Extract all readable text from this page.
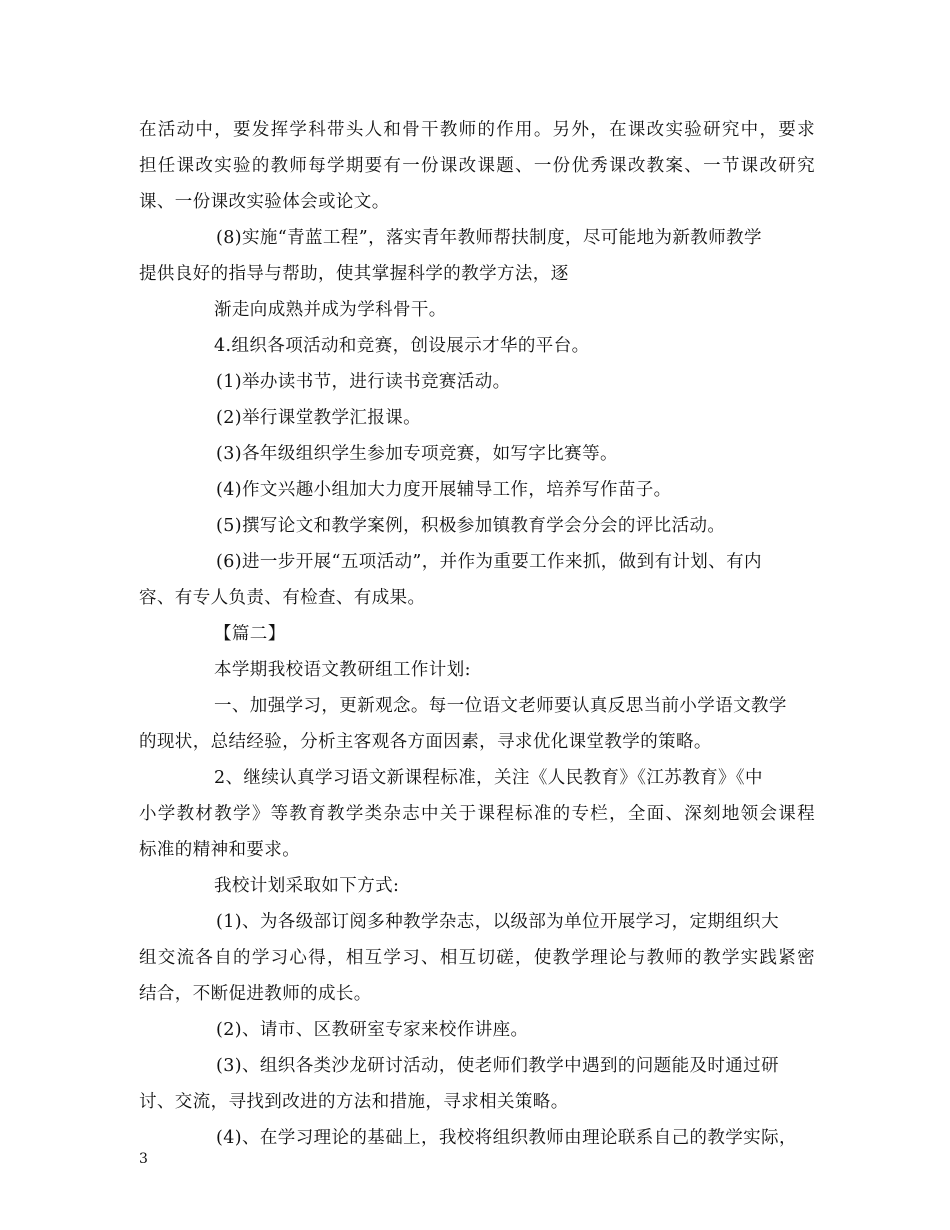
在活动中，要发挥学科带头人和骨干教师的作用。另外，在课改实验研究中，要求
担任课改实验的教师每学期要有一份课改课题、一份优秀课改教案、一节课改研究
课、一份课改实验体会或论文。
(8)实施“青蓝工程”，落实青年教师帮扶制度，尽可能地为新教师教学
提供良好的指导与帮助，使其掌握科学的教学方法，逐
渐走向成熟并成为学科骨干。
4.组织各项活动和竞赛，创设展示才华的平台。
(1)举办读书节，进行读书竞赛活动。
(2)举行课堂教学汇报课。
(3)各年级组织学生参加专项竞赛，如写字比赛等。
(4)作文兴趣小组加大力度开展辅导工作，培养写作苗子。
(5)撰写论文和教学案例，积极参加镇教育学会分会的评比活动。
(6)进一步开展“五项活动”，并作为重要工作来抓，做到有计划、有内
容、有专人负责、有检查、有成果。
【篇二】
本学期我校语文教研组工作计划:
一、加强学习，更新观念。每一位语文老师要认真反思当前小学语文教学
的现状，总结经验，分析主客观各方面因素，寻求优化课堂教学的策略。
2、继续认真学习语文新课程标准，关注《人民教育》《江苏教育》《中
小学教材教学》等教育教学类杂志中关于课程标准的专栏，全面、深刻地领会课程
标准的精神和要求。
我校计划采取如下方式:
(1)、为各级部订阅多种教学杂志，以级部为单位开展学习，定期组织大
组交流各自的学习心得，相互学习、相互切磋，使教学理论与教师的教学实践紧密
结合，不断促进教师的成长。
(2)、请市、区教研室专家来校作讲座。
(3)、组织各类沙龙研讨活动，使老师们教学中遇到的问题能及时通过研
讨、交流，寻找到改进的方法和措施，寻求相关策略。
(4)、在学习理论的基础上，我校将组织教师由理论联系自己的教学实际，
3
